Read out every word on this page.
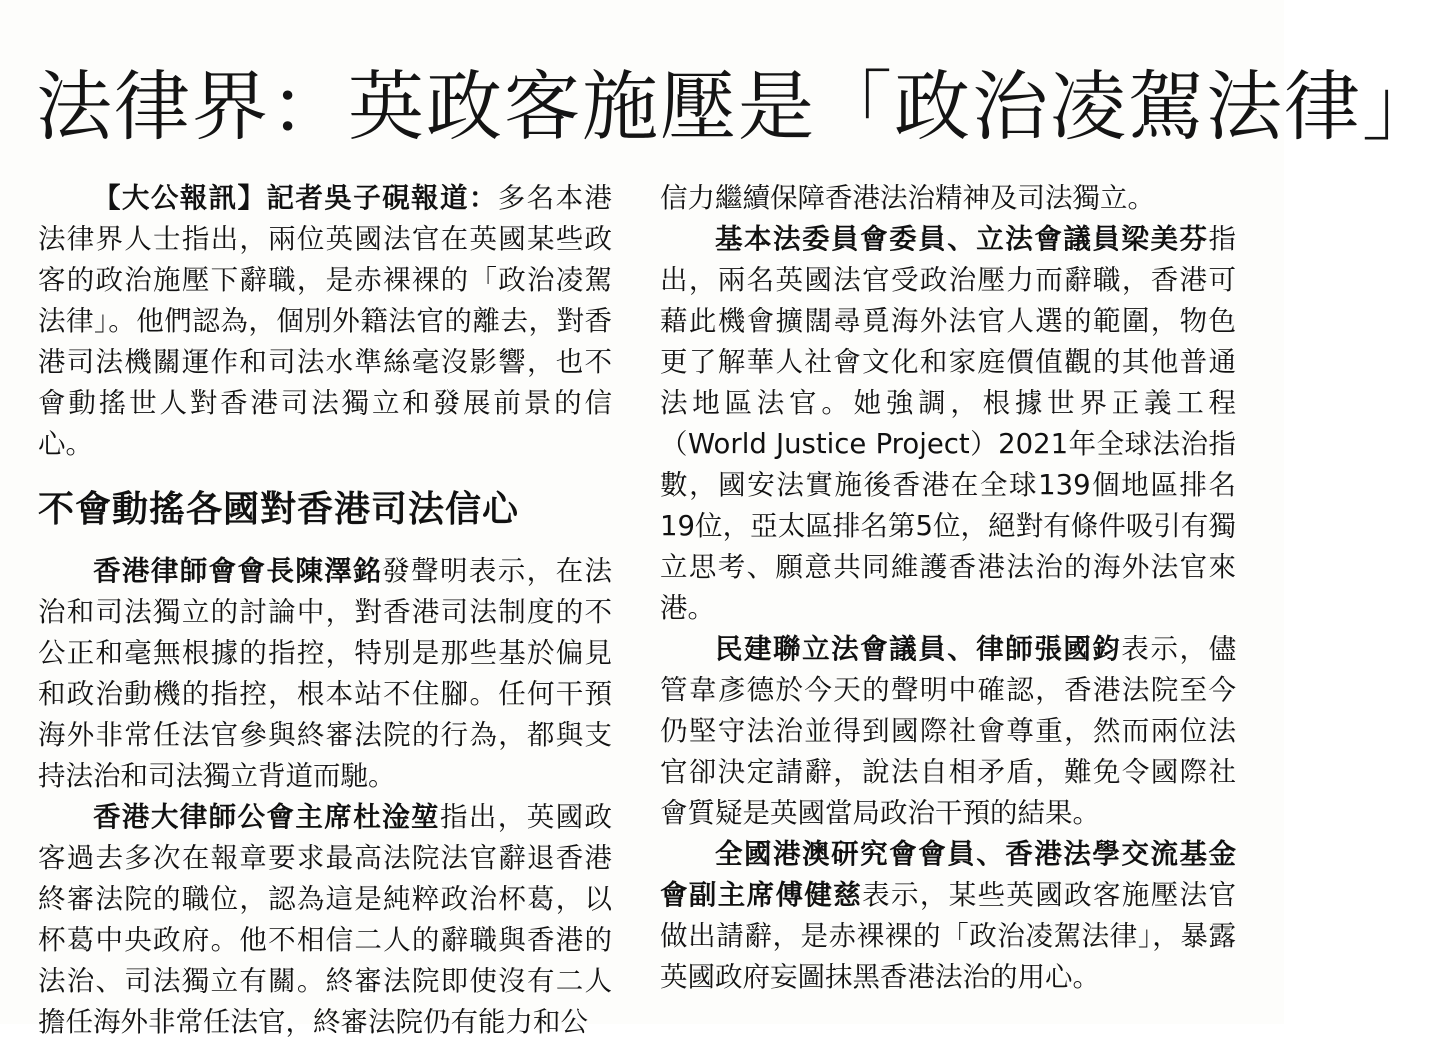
法律界：英政客施壓是「政治凌駕法律」

【大公報訊】記者吳子硯報道：多名本港法律界人士指出，兩位英國法官在英國某些政客的政治施壓下辭職，是赤裸裸的「政治凌駕法律」。他們認為，個別外籍法官的離去，對香港司法機關運作和司法水準絲毫沒影響，也不會動搖世人對香港司法獨立和發展前景的信心。

不會動搖各國對香港司法信心

香港律師會會長陳澤銘發聲明表示，在法治和司法獨立的討論中，對香港司法制度的不公正和毫無根據的指控，特別是那些基於偏見和政治動機的指控，根本站不住腳。任何干預海外非常任法官參與終審法院的行為，都與支持法治和司法獨立背道而馳。

香港大律師公會主席杜淦堃指出，英國政客過去多次在報章要求最高法院法官辭退香港終審法院的職位，認為這是純粹政治杯葛，以杯葛中央政府。他不相信二人的辭職與香港的法治、司法獨立有關。終審法院即使沒有二人擔任海外非常任法官，終審法院仍有能力和公

信力繼續保障香港法治精神及司法獨立。

基本法委員會委員、立法會議員梁美芬指出，兩名英國法官受政治壓力而辭職，香港可藉此機會擴闊尋覓海外法官人選的範圍，物色更了解華人社會文化和家庭價值觀的其他普通法地區法官。她強調，根據世界正義工程（World Justice Project）2021年全球法治指數，國安法實施後香港在全球139個地區排名19位，亞太區排名第5位，絕對有條件吸引有獨立思考、願意共同維護香港法治的海外法官來港。

民建聯立法會議員、律師張國鈞表示，儘管韋彥德於今天的聲明中確認，香港法院至今仍堅守法治並得到國際社會尊重，然而兩位法官卻決定請辭，說法自相矛盾，難免令國際社會質疑是英國當局政治干預的結果。

全國港澳研究會會員、香港法學交流基金會副主席傅健慈表示，某些英國政客施壓法官做出請辭，是赤裸裸的「政治凌駕法律」，暴露英國政府妄圖抹黑香港法治的用心。
